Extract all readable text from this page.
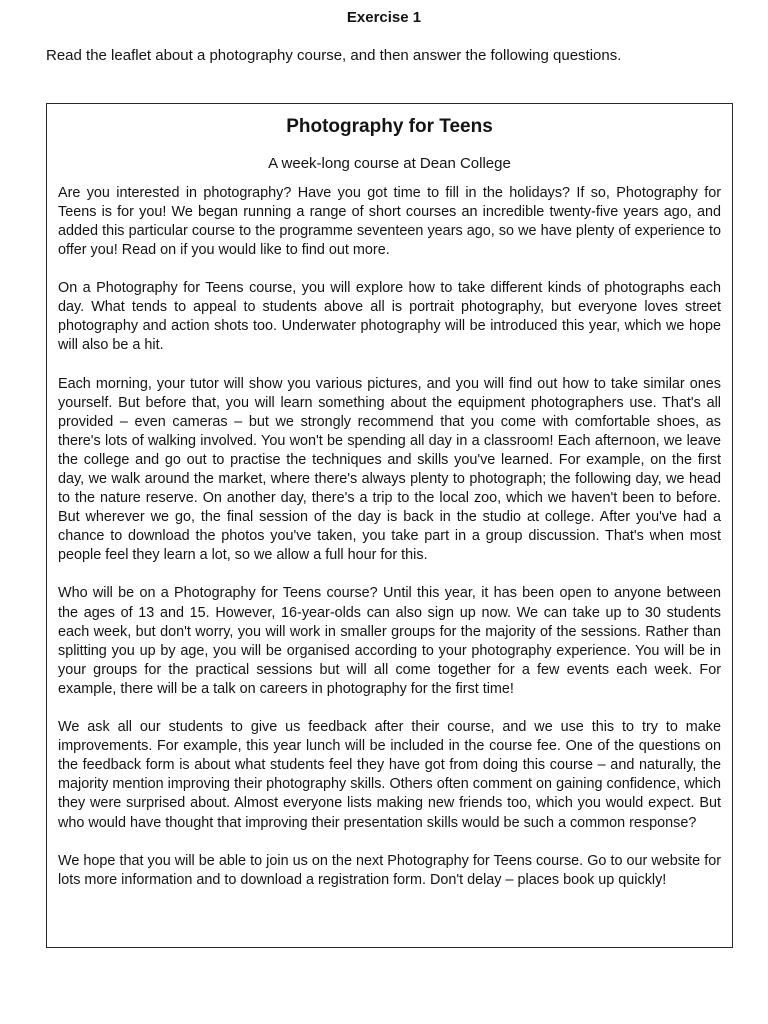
Exercise 1

Read the leaflet about a photography course, and then answer the following questions.

Photography for Teens

A week-long course at Dean College

Are you interested in photography? Have you got time to fill in the holidays? If so, Photography for Teens is for you! We began running a range of short courses an incredible twenty-five years ago, and added this particular course to the programme seventeen years ago, so we have plenty of experience to offer you! Read on if you would like to find out more.

On a Photography for Teens course, you will explore how to take different kinds of photographs each day. What tends to appeal to students above all is portrait photography, but everyone loves street photography and action shots too. Underwater photography will be introduced this year, which we hope will also be a hit.

Each morning, your tutor will show you various pictures, and you will find out how to take similar ones yourself. But before that, you will learn something about the equipment photographers use. That's all provided – even cameras – but we strongly recommend that you come with comfortable shoes, as there's lots of walking involved. You won't be spending all day in a classroom! Each afternoon, we leave the college and go out to practise the techniques and skills you've learned. For example, on the first day, we walk around the market, where there's always plenty to photograph; the following day, we head to the nature reserve. On another day, there's a trip to the local zoo, which we haven't been to before. But wherever we go, the final session of the day is back in the studio at college. After you've had a chance to download the photos you've taken, you take part in a group discussion. That's when most people feel they learn a lot, so we allow a full hour for this.

Who will be on a Photography for Teens course? Until this year, it has been open to anyone between the ages of 13 and 15. However, 16-year-olds can also sign up now. We can take up to 30 students each week, but don't worry, you will work in smaller groups for the majority of the sessions. Rather than splitting you up by age, you will be organised according to your photography experience. You will be in your groups for the practical sessions but will all come together for a few events each week. For example, there will be a talk on careers in photography for the first time!

We ask all our students to give us feedback after their course, and we use this to try to make improvements. For example, this year lunch will be included in the course fee. One of the questions on the feedback form is about what students feel they have got from doing this course – and naturally, the majority mention improving their photography skills. Others often comment on gaining confidence, which they were surprised about. Almost everyone lists making new friends too, which you would expect. But who would have thought that improving their presentation skills would be such a common response?

We hope that you will be able to join us on the next Photography for Teens course. Go to our website for lots more information and to download a registration form. Don't delay – places book up quickly!
